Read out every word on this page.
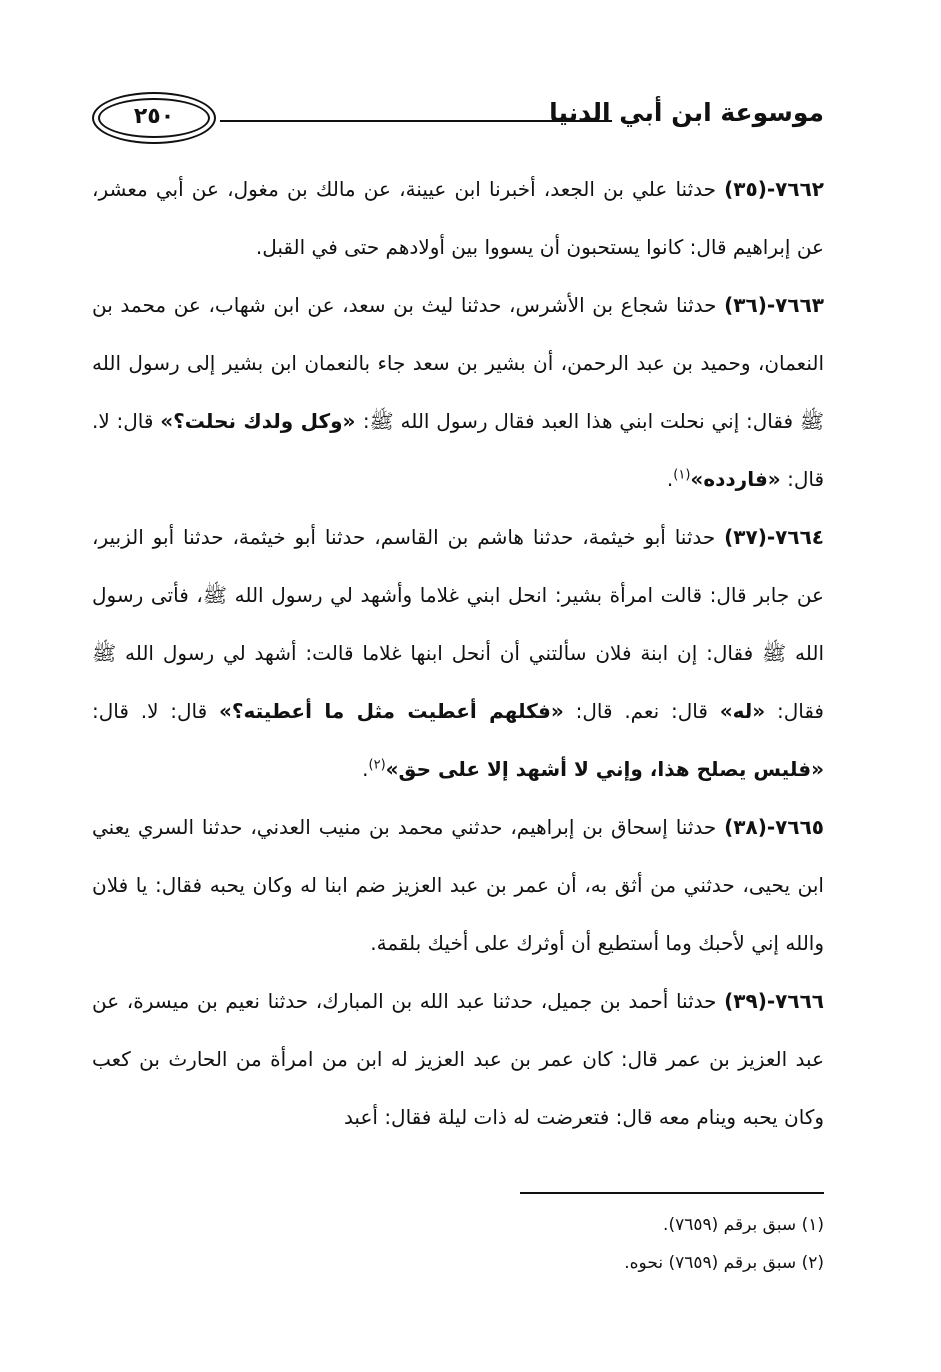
٢٥٠	موسوعة ابن أبي الدنيا

٧٦٦٢-(٣٥) حدثنا علي بن الجعد، أخبرنا ابن عيينة، عن مالك بن مغول، عن أبي معشر، عن إبراهيم قال: كانوا يستحبون أن يسووا بين أولادهم حتى في القبل.

٧٦٦٣-(٣٦) حدثنا شجاع بن الأشرس، حدثنا ليث بن سعد، عن ابن شهاب، عن محمد بن النعمان، وحميد بن عبد الرحمن، أن بشير بن سعد جاء بالنعمان ابن بشير إلى رسول الله ﷺ فقال: إني نحلت ابني هذا العبد فقال رسول الله ﷺ: «وكل ولدك نحلت؟» قال: لا. قال: «فاردده»$^{(١)}$.

٧٦٦٤-(٣٧) حدثنا أبو خيثمة، حدثنا هاشم بن القاسم، حدثنا أبو خيثمة، حدثنا أبو الزبير، عن جابر قال: قالت امرأة بشير: انحل ابني غلاما وأشهد لي رسول الله ﷺ، فأتى رسول الله ﷺ فقال: إن ابنة فلان سألتني أن أنحل ابنها غلاما قالت: أشهد لي رسول الله ﷺ فقال: «له» قال: نعم. قال: «فكلهم أعطيت مثل ما أعطيته؟» قال: لا. قال: «فليس يصلح هذا، وإني لا أشهد إلا على حق»$^{(٢)}$.

٧٦٦٥-(٣٨) حدثنا إسحاق بن إبراهيم، حدثني محمد بن منيب العدني، حدثنا السري يعني ابن يحيى، حدثني من أثق به، أن عمر بن عبد العزيز ضم ابنا له وكان يحبه فقال: يا فلان والله إني لأحبك وما أستطيع أن أوثرك على أخيك بلقمة.

٧٦٦٦-(٣٩) حدثنا أحمد بن جميل، حدثنا عبد الله بن المبارك، حدثنا نعيم بن ميسرة، عن عبد العزيز بن عمر قال: كان عمر بن عبد العزيز له ابن من امرأة من الحارث بن كعب وكان يحبه وينام معه قال: فتعرضت له ذات ليلة فقال: أعبد

(١) سبق برقم (٧٦٥٩).

(٢) سبق برقم (٧٦٥٩) نحوه.
